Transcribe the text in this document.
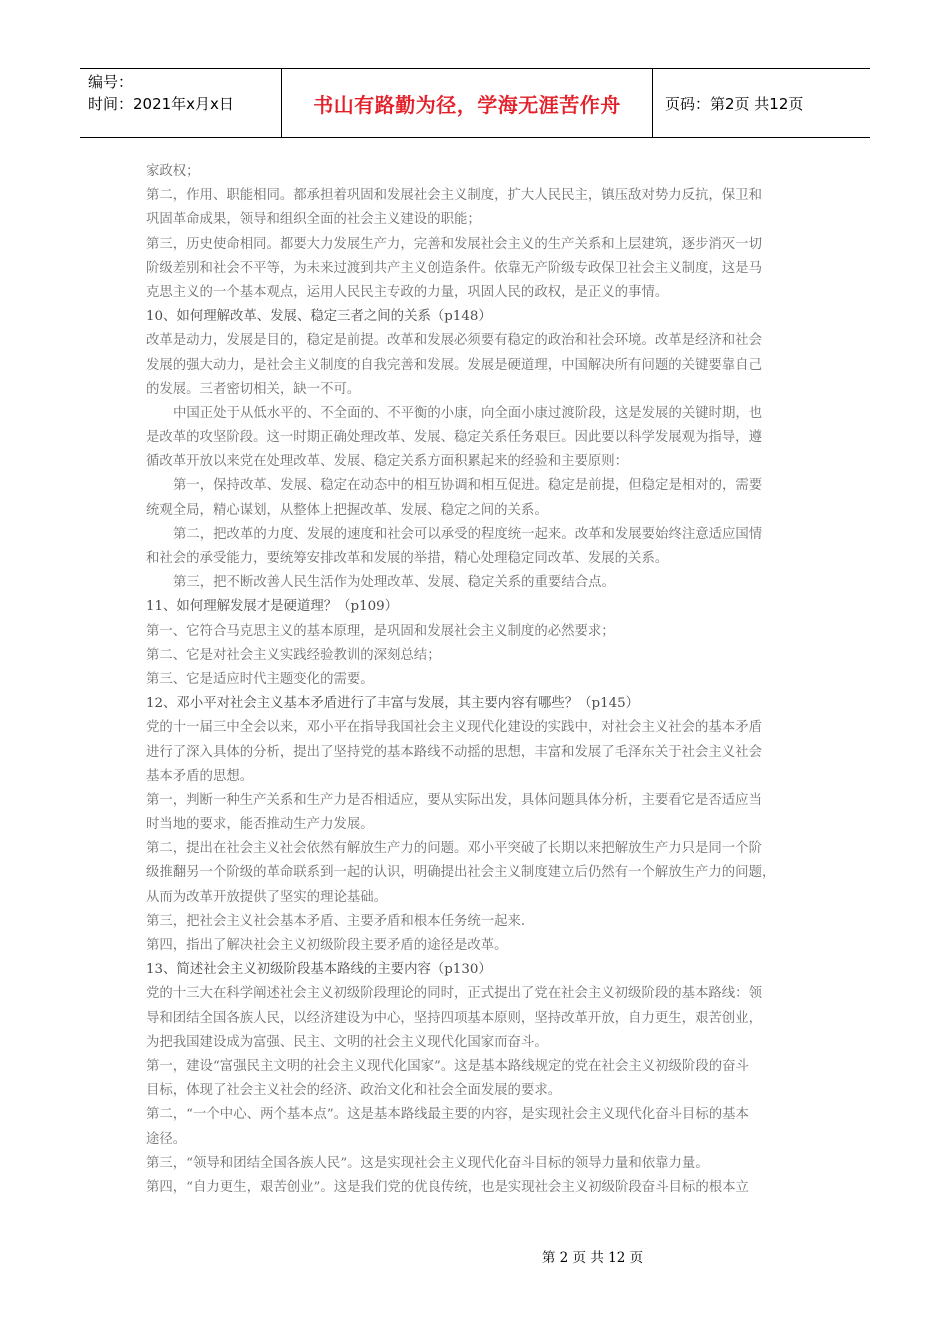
编号：
时间：2021年x月x日	书山有路勤为径，学海无涯苦作舟	页码：第2页 共12页
家政权；
第二，作用、职能相同。都承担着巩固和发展社会主义制度，扩大人民民主，镇压敌对势力反抗，保卫和
巩固革命成果，领导和组织全面的社会主义建设的职能；
第三，历史使命相同。都要大力发展生产力，完善和发展社会主义的生产关系和上层建筑，逐步消灭一切
阶级差别和社会不平等，为未来过渡到共产主义创造条件。依靠无产阶级专政保卫社会主义制度，这是马
克思主义的一个基本观点，运用人民民主专政的力量，巩固人民的政权，是正义的事情。
10、如何理解改革、发展、稳定三者之间的关系（p148）
改革是动力，发展是目的，稳定是前提。改革和发展必须要有稳定的政治和社会环境。改革是经济和社会
发展的强大动力，是社会主义制度的自我完善和发展。发展是硬道理，中国解决所有问题的关键要靠自己
的发展。三者密切相关，缺一不可。
中国正处于从低水平的、不全面的、不平衡的小康，向全面小康过渡阶段，这是发展的关键时期，也
是改革的攻坚阶段。这一时期正确处理改革、发展、稳定关系任务艰巨。因此要以科学发展观为指导，遵
循改革开放以来党在处理改革、发展、稳定关系方面积累起来的经验和主要原则：
第一，保持改革、发展、稳定在动态中的相互协调和相互促进。稳定是前提，但稳定是相对的，需要
统观全局，精心谋划，从整体上把握改革、发展、稳定之间的关系。
第二，把改革的力度、发展的速度和社会可以承受的程度统一起来。改革和发展要始终注意适应国情
和社会的承受能力，要统筹安排改革和发展的举措，精心处理稳定同改革、发展的关系。
第三，把不断改善人民生活作为处理改革、发展、稳定关系的重要结合点。
11、如何理解发展才是硬道理？（p109）
第一、它符合马克思主义的基本原理，是巩固和发展社会主义制度的必然要求；
第二、它是对社会主义实践经验教训的深刻总结；
第三、它是适应时代主题变化的需要。
12、邓小平对社会主义基本矛盾进行了丰富与发展，其主要内容有哪些？（p145）
党的十一届三中全会以来，邓小平在指导我国社会主义现代化建设的实践中，对社会主义社会的基本矛盾
进行了深入具体的分析，提出了坚持党的基本路线不动摇的思想，丰富和发展了毛泽东关于社会主义社会
基本矛盾的思想。
第一，判断一种生产关系和生产力是否相适应，要从实际出发，具体问题具体分析，主要看它是否适应当
时当地的要求，能否推动生产力发展。
第二，提出在社会主义社会依然有解放生产力的问题。邓小平突破了长期以来把解放生产力只是同一个阶
级推翻另一个阶级的革命联系到一起的认识，明确提出社会主义制度建立后仍然有一个解放生产力的问题，
从而为改革开放提供了坚实的理论基础。
第三，把社会主义社会基本矛盾、主要矛盾和根本任务统一起来.
第四，指出了解决社会主义初级阶段主要矛盾的途径是改革。
13、简述社会主义初级阶段基本路线的主要内容（p130）
党的十三大在科学阐述社会主义初级阶段理论的同时，正式提出了党在社会主义初级阶段的基本路线：领
导和团结全国各族人民，以经济建设为中心，坚持四项基本原则，坚持改革开放，自力更生，艰苦创业，
为把我国建设成为富强、民主、文明的社会主义现代化国家而奋斗。
第一，建设“富强民主文明的社会主义现代化国家”。这是基本路线规定的党在社会主义初级阶段的奋斗
目标，体现了社会主义社会的经济、政治文化和社会全面发展的要求。
第二，“一个中心、两个基本点”。这是基本路线最主要的内容，是实现社会主义现代化奋斗目标的基本
途径。
第三，“领导和团结全国各族人民”。这是实现社会主义现代化奋斗目标的领导力量和依靠力量。
第四，“自力更生，艰苦创业”。这是我们党的优良传统，也是实现社会主义初级阶段奋斗目标的根本立
第 2 页 共 12 页
